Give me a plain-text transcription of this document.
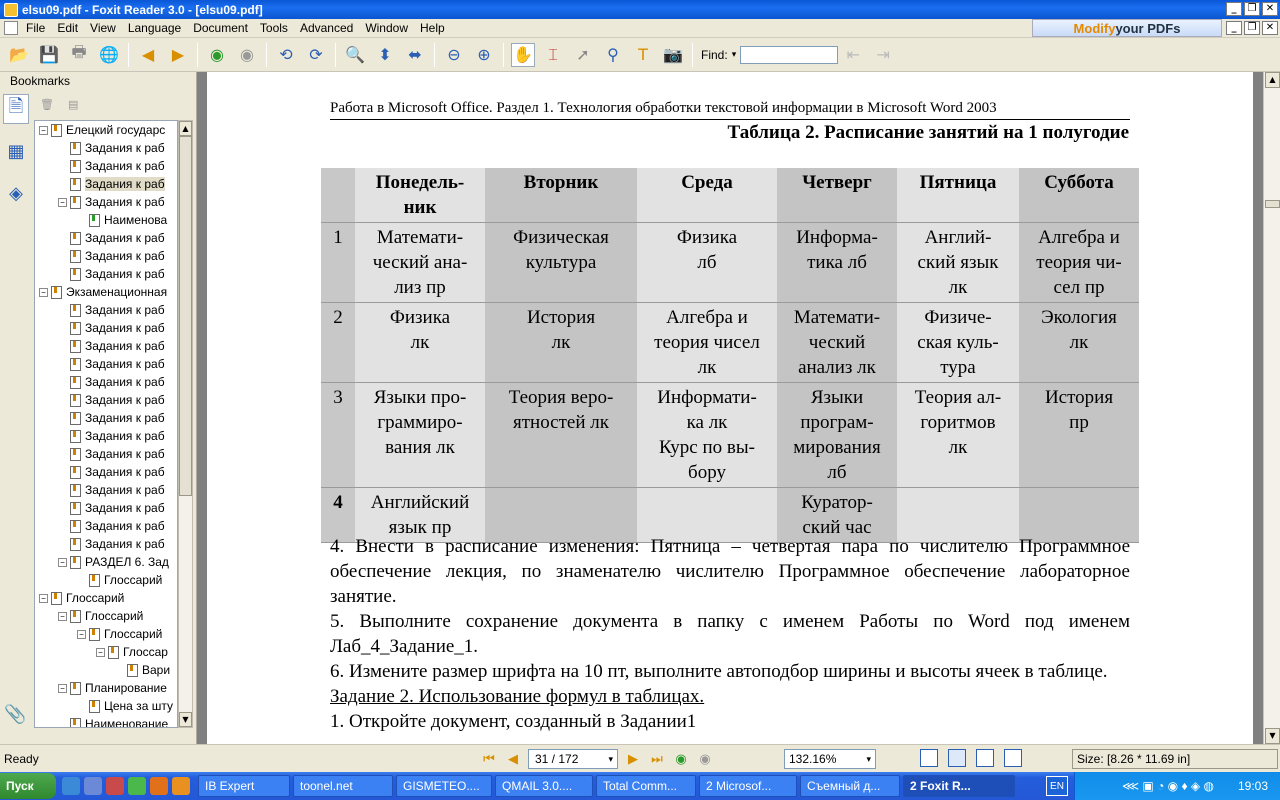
elsu09.pdf - Foxit Reader 3.0 - [elsu09.pdf]	_	❐ ✕
File	Edit	View	Language	Document	Tools	Advanced	Window	Help	Modify your PDFs	_	❐ ✕
📂 💾 🖶 🌐	◀	▶	◉	◉	⟲	⟳	🔍 ⬍	⬌	⊖	⊕	✋ ⌶	➚	⚲	T 📷 Find: ▾	⇤	⇥
Bookmarks
🗎
▦
◈
🗑 ▤
− Елецкий государс
Задания к раб
Задания к раб
Задания к раб
− Задания к раб
Наименова
Задания к раб
Задания к раб
Задания к раб
− Экзаменационная
Задания к раб
Задания к раб
Задания к раб
Задания к раб
Задания к раб
Задания к раб
Задания к раб
Задания к раб
Задания к раб
Задания к раб
Задания к раб
Задания к раб
Задания к раб
Задания к раб
− РАЗДЕЛ 6. Зад
Глоссарий
− Глоссарий
− Глоссарий
− Глоссарий
− Глоссар
Вари
− Планирование
Цена за шту
Наименование
▲
▼
📎
Работа в Microsoft Office. Раздел 1. Технология обработки текстовой информации в Microsoft Word 2003
Таблица 2. Расписание занятий на 1 полугодие
	Понедель-
ник	Вторник	Среда	Четверг	Пятница	Суббота
1	Математи-
ческий ана-
лиз пр	Физическая
культура	Физика
лб	Информа-
тика лб	Англий-
ский язык
лк	Алгебра и
теория чи-
сел пр
2	Физика
лк	История
лк	Алгебра и
теория чисел
лк	Математи-
ческий
анализ лк	Физиче-
ская куль-
тура	Экология
лк
3	Языки про-
граммиро-
вания лк	Теория веро-
ятностей лк	Информати-
ка лк
Курс по вы-
бору	Языки
програм-
мирования
лб	Теория ал-
горитмов
лк	История
пр
4	Английский
язык пр			Куратор-
ский час		

4. Внести в расписание изменения: Пятница – четвертая пара по числителю Программное обеспечение лекция, по знаменателю числителю Программное обеспечение лабораторное занятие.

5. Выполните сохранение документа в папку с именем Работы по Word под именем Лаб_4_Задание_1.

6. Измените размер шрифта на 10 пт, выполните автоподбор ширины и высоты ячеек в таблице.

Задание 2. Использование формул в таблицах.

1. Откройте документ, созданный в Задании1

▲
▼
Ready	⏮	◀	31 / 172	▾	▶	⏭ ◉ ◉	132.16%	▾	Size: [8.26 * 11.69 in]
Пуск	IB Expert	toonel.net	GISMETEO....	QMAIL 3.0....	Total Comm...	2 Microsof...	Съемный д...	2 Foxit R...	EN	⋘ ▣ ◔ ◉ ♦ ◈ ◍ 19:03
